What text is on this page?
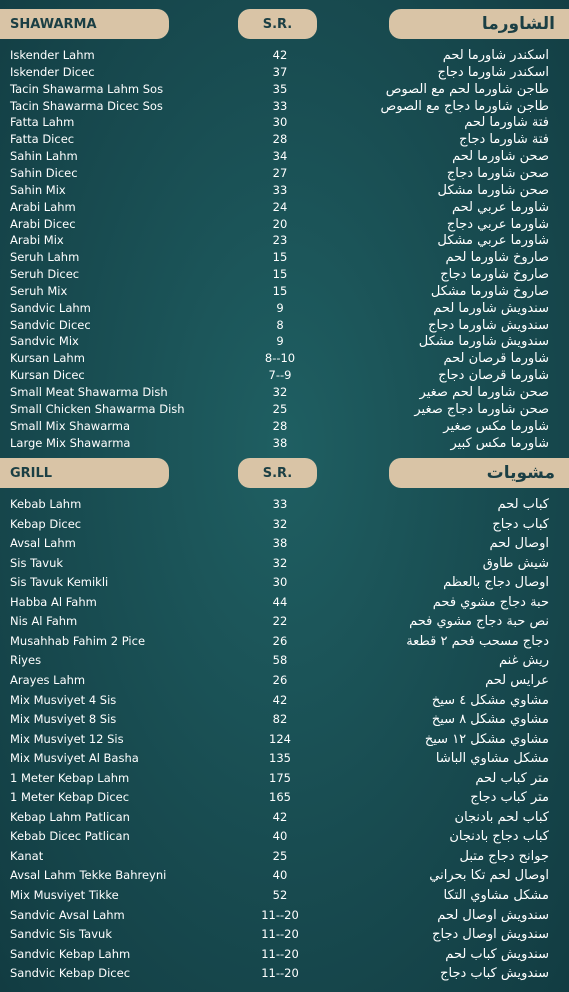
SHAWARMA	S.R.	الشاورما
Iskender Lahm	42	اسكندر شاورما لحم
Iskender Dicec	37	اسكندر شاورما دجاج
Tacin Shawarma Lahm Sos	35	طاجن شاورما لحم مع الصوص
Tacin Shawarma Dicec Sos	33	طاجن شاورما دجاج مع الصوص
Fatta Lahm	30	فتة شاورما لحم
Fatta Dicec	28	فتة شاورما دجاج
Sahin Lahm	34	صحن شاورما لحم
Sahin Dicec	27	صحن شاورما دجاج
Sahin Mix	33	صحن شاورما مشكل
Arabi Lahm	24	شاورما عربي لحم
Arabi Dicec	20	شاورما عربي دجاج
Arabi Mix	23	شاورما عربي مشكل
Seruh Lahm	15	صاروخ شاورما لحم
Seruh Dicec	15	صاروخ شاورما دجاج
Seruh Mix	15	صاروخ شاورما مشكل
Sandvic Lahm	9	سندويش شاورما لحم
Sandvic Dicec	8	سندويش شاورما دجاج
Sandvic Mix	9	سندويش شاورما مشكل
Kursan Lahm	8--10	شاورما قرصان لحم
Kursan Dicec	7--9	شاورما قرصان دجاج
Small Meat Shawarma Dish	32	صحن شاورما لحم صغير
Small Chicken Shawarma Dish	25	صحن شاورما دجاج صغير
Small Mix Shawarma	28	شاورما مكس صغير
Large Mix Shawarma	38	شاورما مكس كبير
GRILL	S.R.	مشويات
Kebab Lahm	33	كباب لحم
Kebap Dicec	32	كباب دجاج
Avsal Lahm	38	اوصال لحم
Sis Tavuk	32	شيش طاوق
Sis Tavuk Kemikli	30	اوصال دجاج بالعظم
Habba Al Fahm	44	حبة دجاج مشوي فحم
Nis Al Fahm	22	نص حبة دجاج مشوي فحم
Musahhab Fahim 2 Pice	26	دجاج مسحب فحم ٢ قطعة
Riyes	58	ريش غنم
Arayes Lahm	26	عرايس لحم
Mix Musviyet 4 Sis	42	مشاوي مشكل ٤ سيخ
Mix Musviyet 8 Sis	82	مشاوي مشكل ٨ سيخ
Mix Musviyet 12 Sis	124	مشاوي مشكل ١٢ سيخ
Mix Musviyet Al Basha	135	مشكل مشاوي الباشا
1 Meter Kebap Lahm	175	متر كباب لحم
1 Meter Kebap Dicec	165	متر كباب دجاج
Kebap Lahm Patlican	42	كباب لحم بادنجان
Kebab Dicec Patlican	40	كباب دجاج بادنجان
Kanat	25	جوانح دجاج متبل
Avsal Lahm Tekke Bahreyni	40	اوصال لحم تكا بحراني
Mix Musviyet Tikke	52	مشكل مشاوي التكا
Sandvic Avsal Lahm	11--20	سندويش اوصال لحم
Sandvic Sis Tavuk	11--20	سندويش اوصال دجاج
Sandvic Kebap Lahm	11--20	سندويش كباب لحم
Sandvic Kebap Dicec	11--20	سندويش كباب دجاج
